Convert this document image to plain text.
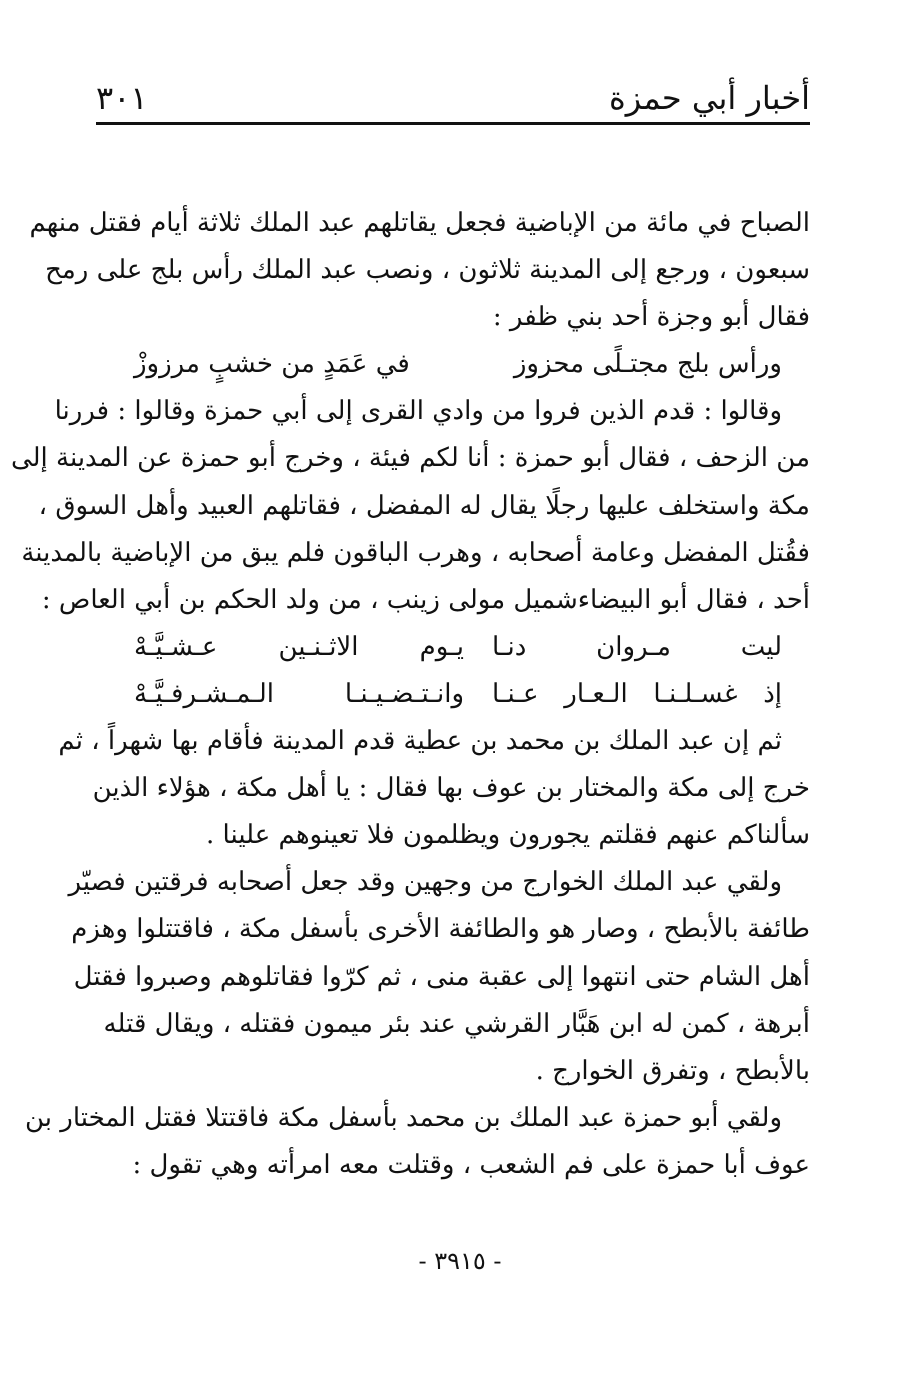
أخبار أبي حمزة
٣٠١
الصباح في مائة من الإباضية فجعل يقاتلهم عبد الملك ثلاثة أيام فقتل منهم
سبعون ، ورجع إلى المدينة ثلاثون ، ونصب عبد الملك رأس بلج على رمح
فقال أبو وجزة أحد بني ظفر :
ورأس بلج مجتـلًى محزوز
في عَمَدٍ من خشبٍ مرزوزْ
وقالوا : قدم الذين فروا من وادي القرى إلى أبي حمزة وقالوا : فررنا
من الزحف ، فقال أبو حمزة : أنا لكم فيئة ، وخرج أبو حمزة عن المدينة إلى
مكة واستخلف عليها رجلًا يقال له المفضل ، فقاتلهم العبيد وأهل السوق ،
فقُتل المفضل وعامة أصحابه ، وهرب الباقون فلم يبق من الإباضية بالمدينة
أحد ، فقال أبو البيضاءشميل مولى زينب ، من ولد الحكم بن أبي العاص :
ليت مـروان دنـا
يـوم الاثـنـين عـشـيَّـهْ
إذ غسـلـنـا الـعـار عـنـا
وانـتـضـيـنـا الـمـشـرفـيَّـهْ
ثم إن عبد الملك بن محمد بن عطية قدم المدينة فأقام بها شهراً ، ثم
خرج إلى مكة والمختار بن عوف بها فقال : يا أهل مكة ، هؤلاء الذين
سألناكم عنهم فقلتم يجورون ويظلمون فلا تعينوهم علينا .
ولقي عبد الملك الخوارج من وجهين وقد جعل أصحابه فرقتين فصيّر
طائفة بالأبطح ، وصار هو والطائفة الأخرى بأسفل مكة ، فاقتتلوا وهزم
أهل الشام حتى انتهوا إلى عقبة منى ، ثم كرّوا فقاتلوهم وصبروا فقتل
أبرهة ، كمن له ابن هَبَّار القرشي عند بئر ميمون فقتله ، ويقال قتله
بالأبطح ، وتفرق الخوارج .
ولقي أبو حمزة عبد الملك بن محمد بأسفل مكة فاقتتلا فقتل المختار بن
عوف أبا حمزة على فم الشعب ، وقتلت معه امرأته وهي تقول :
- ٣٩١٥ -
